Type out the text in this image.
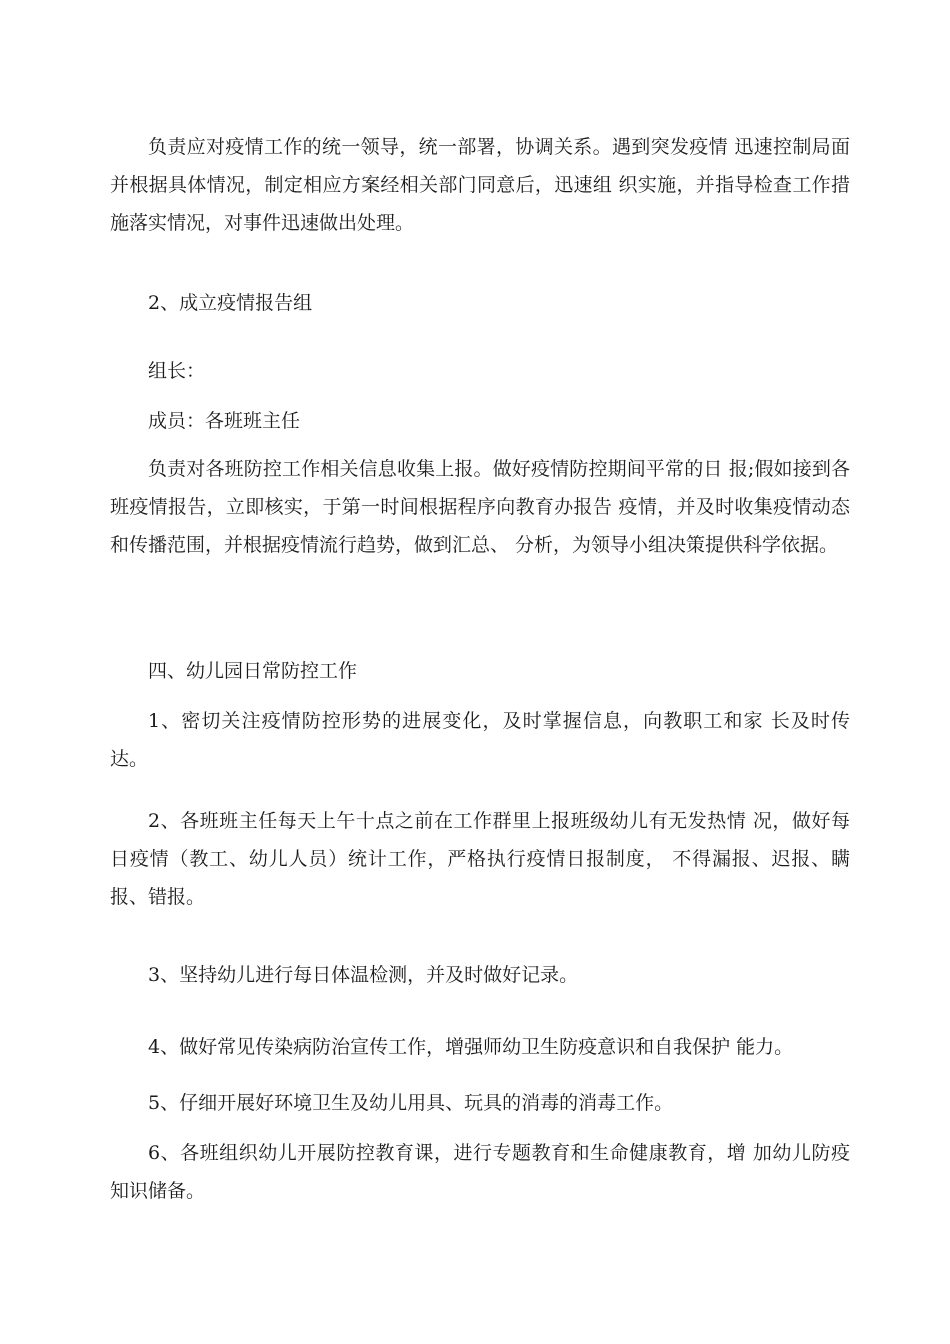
负责应对疫情工作的统一领导，统一部署，协调关系。遇到突发疫情 迅速控制局面并根据具体情况，制定相应方案经相关部门同意后，迅速组 织实施，并指导检查工作措施落实情况，对事件迅速做出处理。

2、成立疫情报告组

组长：

成员：各班班主任

负责对各班防控工作相关信息收集上报。做好疫情防控期间平常的日 报;假如接到各班疫情报告，立即核实，于第一时间根据程序向教育办报告 疫情，并及时收集疫情动态和传播范围，并根据疫情流行趋势，做到汇总、 分析，为领导小组决策提供科学依据。

四、幼儿园日常防控工作

1、密切关注疫情防控形势的进展变化，及时掌握信息，向教职工和家 长及时传达。

2、各班班主任每天上午十点之前在工作群里上报班级幼儿有无发热情 况，做好每日疫情（教工、幼儿人员）统计工作，严格执行疫情日报制度， 不得漏报、迟报、瞒报、错报。

3、坚持幼儿进行每日体温检测，并及时做好记录。

4、做好常见传染病防治宣传工作，增强师幼卫生防疫意识和自我保护 能力。

5、仔细开展好环境卫生及幼儿用具、玩具的消毒的消毒工作。

6、各班组织幼儿开展防控教育课，进行专题教育和生命健康教育，增 加幼儿防疫知识储备。
